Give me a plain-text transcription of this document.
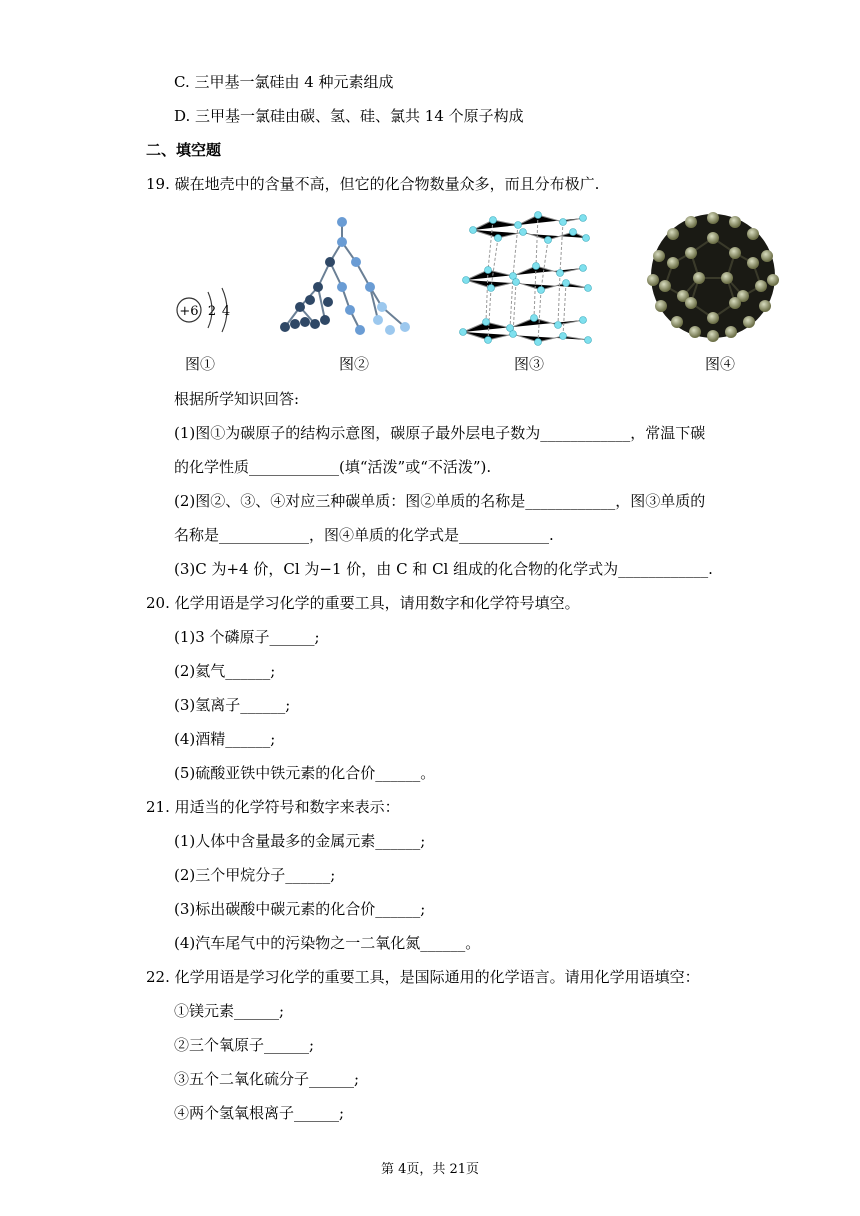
C. 三甲基一氯硅由 4 种元素组成
D. 三甲基一氯硅由碳、氢、硅、氯共 14 个原子构成
二、填空题
19. 碳在地壳中的含量不高，但它的化合物数量众多，而且分布极广.
+6 2 4
图①	图②	图③	图④
根据所学知识回答:
(1)图①为碳原子的结构示意图，碳原子最外层电子数为____________，常温下碳
的化学性质____________(填“活泼”或“不活泼”).
(2)图②、③、④对应三种碳单质：图②单质的名称是____________，图③单质的
名称是____________，图④单质的化学式是____________.
(3)C 为+4 价，Cl 为−1 价，由 C 和 Cl 组成的化合物的化学式为____________.
20. 化学用语是学习化学的重要工具，请用数字和化学符号填空。
(1)3 个磷原子______;
(2)氦气______;
(3)氢离子______;
(4)酒精______;
(5)硫酸亚铁中铁元素的化合价______。
21. 用适当的化学符号和数字来表示：
(1)人体中含量最多的金属元素______;
(2)三个甲烷分子______;
(3)标出碳酸中碳元素的化合价______;
(4)汽车尾气中的污染物之一二氧化氮______。
22. 化学用语是学习化学的重要工具，是国际通用的化学语言。请用化学用语填空：
①镁元素______;
②三个氧原子______;
③五个二氧化硫分子______;
④两个氢氧根离子______;
第 4页，共 21页
